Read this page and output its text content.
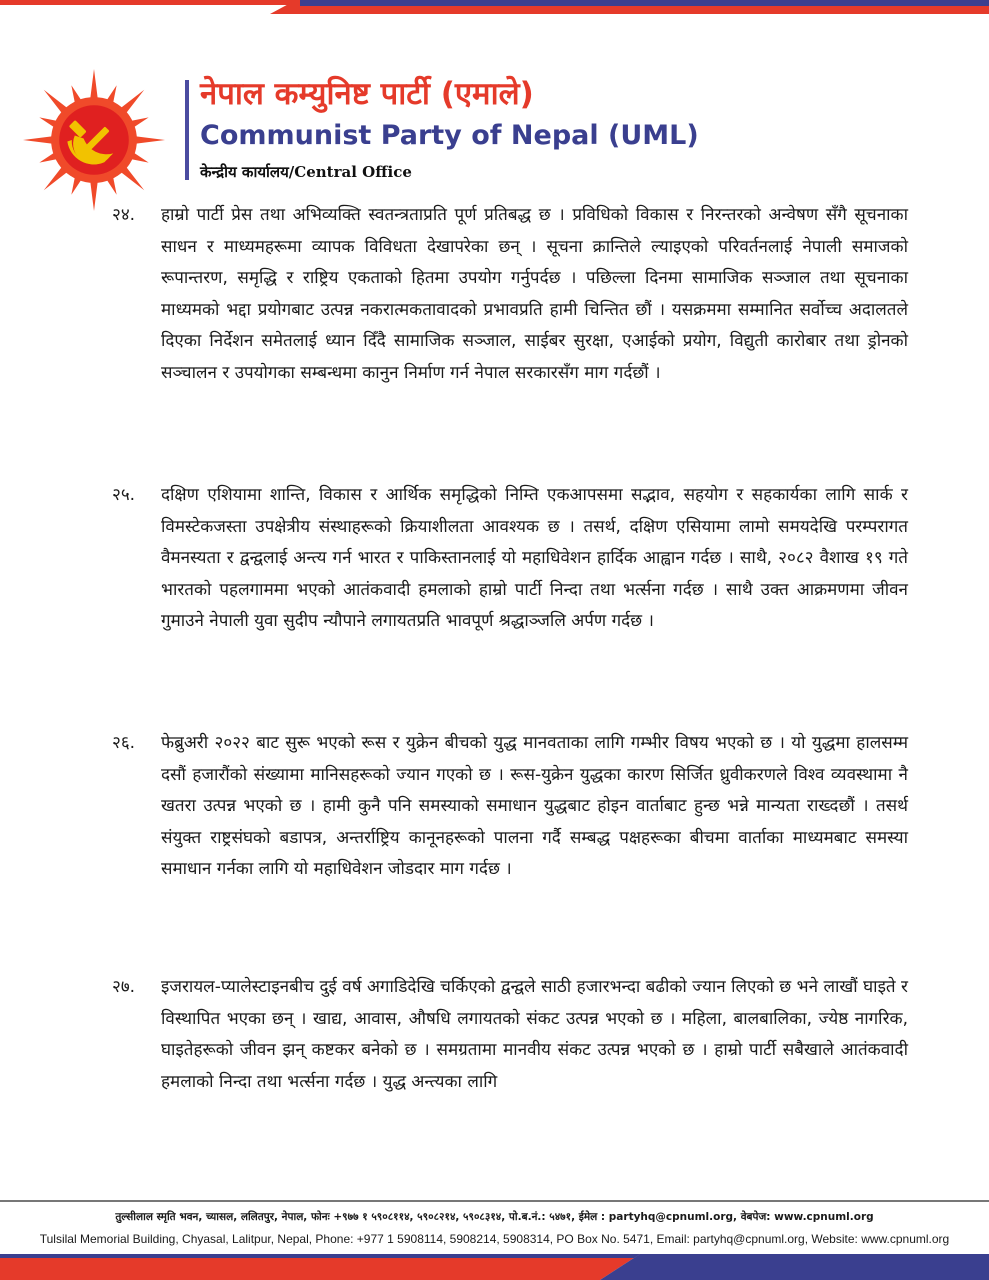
नेपाल कम्युनिष्ट पार्टी (एमाले)
Communist Party of Nepal (UML)

केन्द्रीय कार्यालय/Central Office

२४. हाम्रो पार्टी प्रेस तथा अभिव्यक्ति स्वतन्त्रताप्रति पूर्ण प्रतिबद्ध छ । प्रविधिको विकास र निरन्तरको अन्वेषण सँगै सूचनाका साधन र माध्यमहरूमा व्यापक विविधता देखापरेका छन् । सूचना क्रान्तिले ल्याइएको परिवर्तनलाई नेपाली समाजको रूपान्तरण, समृद्धि र राष्ट्रिय एकताको हितमा उपयोग गर्नुपर्दछ । पछिल्ला दिनमा सामाजिक सञ्जाल तथा सूचनाका माध्यमको भद्दा प्रयोगबाट उत्पन्न नकरात्मकतावादको प्रभावप्रति हामी चिन्तित छौं । यसक्रममा सम्मानित सर्वोच्च अदालतले दिएका निर्देशन समेतलाई ध्यान दिँदै सामाजिक सञ्जाल, साईबर सुरक्षा, एआईको प्रयोग, विद्युती कारोबार तथा ड्रोनको सञ्चालन र उपयोगका सम्बन्धमा कानुन निर्माण गर्न नेपाल सरकारसँग माग गर्दछौं ।

२५. दक्षिण एशियामा शान्ति, विकास र आर्थिक समृद्धिको निम्ति एकआपसमा सद्भाव, सहयोग र सहकार्यका लागि सार्क र विमस्टेकजस्ता उपक्षेत्रीय संस्थाहरूको क्रियाशीलता आवश्यक छ । तसर्थ, दक्षिण एसियामा लामो समयदेखि परम्परागत वैमनस्यता र द्वन्द्वलाई अन्त्य गर्न भारत र पाकिस्तानलाई यो महाधिवेशन हार्दिक आह्वान गर्दछ । साथै, २०८२ वैशाख १९ गते भारतको पहलगाममा भएको आतंकवादी हमलाको हाम्रो पार्टी निन्दा तथा भर्त्सना गर्दछ । साथै उक्त आक्रमणमा जीवन गुमाउने नेपाली युवा सुदीप न्यौपाने लगायतप्रति भावपूर्ण श्रद्धाञ्जलि अर्पण गर्दछ ।

२६. फेब्रुअरी २०२२ बाट सुरू भएको रूस र युक्रेन बीचको युद्ध मानवताका लागि गम्भीर विषय भएको छ । यो युद्धमा हालसम्म दसौं हजारौंको संख्यामा मानिसहरूको ज्यान गएको छ । रूस-युक्रेन युद्धका कारण सिर्जित ध्रुवीकरणले विश्व व्यवस्थामा नै खतरा उत्पन्न भएको छ । हामी कुनै पनि समस्याको समाधान युद्धबाट होइन वार्ताबाट हुन्छ भन्ने मान्यता राख्दछौं । तसर्थ संयुक्त राष्ट्रसंघको बडापत्र, अन्तर्राष्ट्रिय कानूनहरूको पालना गर्दै सम्बद्ध पक्षहरूका बीचमा वार्ताका माध्यमबाट समस्या समाधान गर्नका लागि यो महाधिवेशन जोडदार माग गर्दछ ।

२७. इजरायल-प्यालेस्टाइनबीच दुई वर्ष अगाडिदेखि चर्किएको द्वन्द्वले साठी हजारभन्दा बढीको ज्यान लिएको छ भने लाखौं घाइते र विस्थापित भएका छन् । खाद्य, आवास, औषधि लगायतको संकट उत्पन्न भएको छ । महिला, बालबालिका, ज्येष्ठ नागरिक, घाइतेहरूको जीवन झन् कष्टकर बनेको छ । समग्रतामा मानवीय संकट उत्पन्न भएको छ । हाम्रो पार्टी सबैखाले आतंकवादी हमलाको निन्दा तथा भर्त्सना गर्दछ । युद्ध अन्त्यका लागि

तुल्सीलाल स्मृति भवन, च्यासल, ललितपुर, नेपाल, फोनः +९७७ १ ५९०८११४, ५९०८२१४, ५९०८३१४, पो.ब.नं.: ५४७१, ईमेल : partyhq@cpnuml.org, वेबपेज: www.cpnuml.org
Tulsilal Memorial Building, Chyasal, Lalitpur, Nepal, Phone: +977 1 5908114, 5908214, 5908314, PO Box No. 5471, Email: partyhq@cpnuml.org, Website: www.cpnuml.org
